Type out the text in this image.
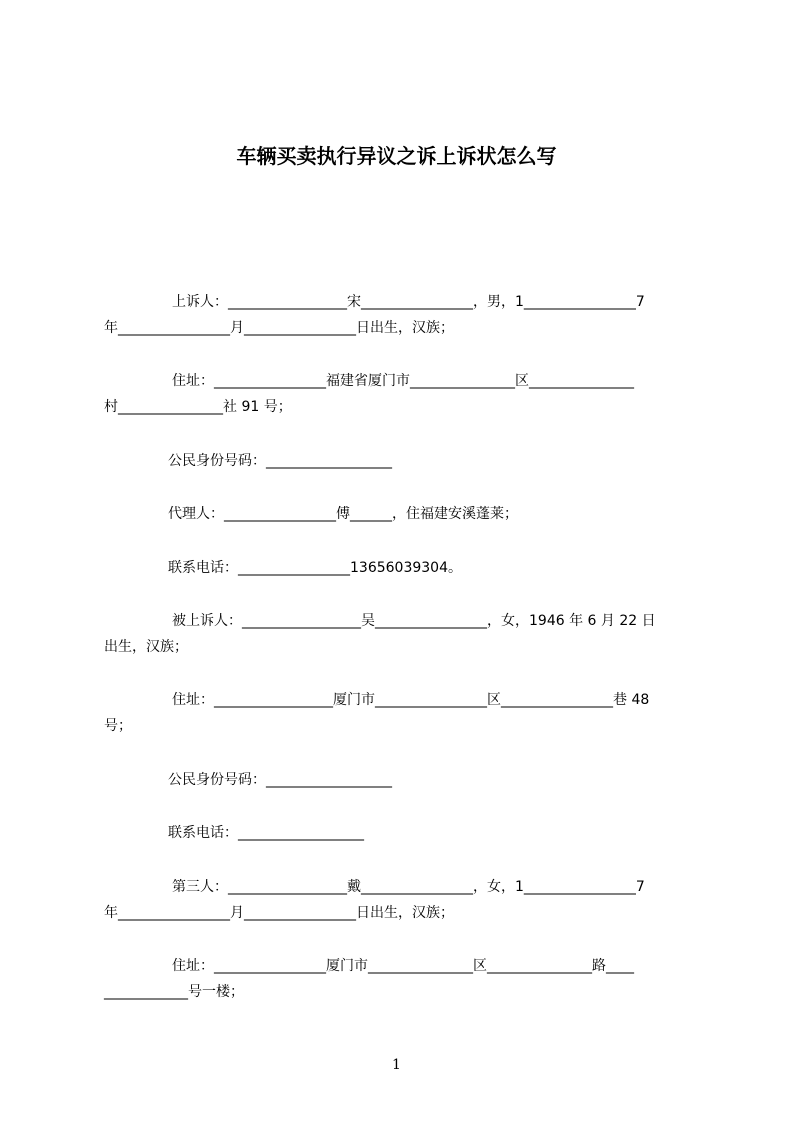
车辆买卖执行异议之诉上诉状怎么写
上诉人：_________________宋________________，男，1________________7
年________________月________________日出生，汉族；
住址：________________福建省厦门市_______________区_______________
村_______________社 91 号；
公民身份号码：__________________
代理人：________________傅______，住福建安溪蓬莱；
联系电话：________________13656039304。
被上诉人：_________________吴________________，女，1946 年 6 月 22 日
出生，汉族；
住址：_________________厦门市________________区________________巷 48
号；
公民身份号码：__________________
联系电话：__________________
第三人：_________________戴________________，女，1________________7
年________________月________________日出生，汉族；
住址：________________厦门市_______________区_______________路____
____________号一楼；
1
